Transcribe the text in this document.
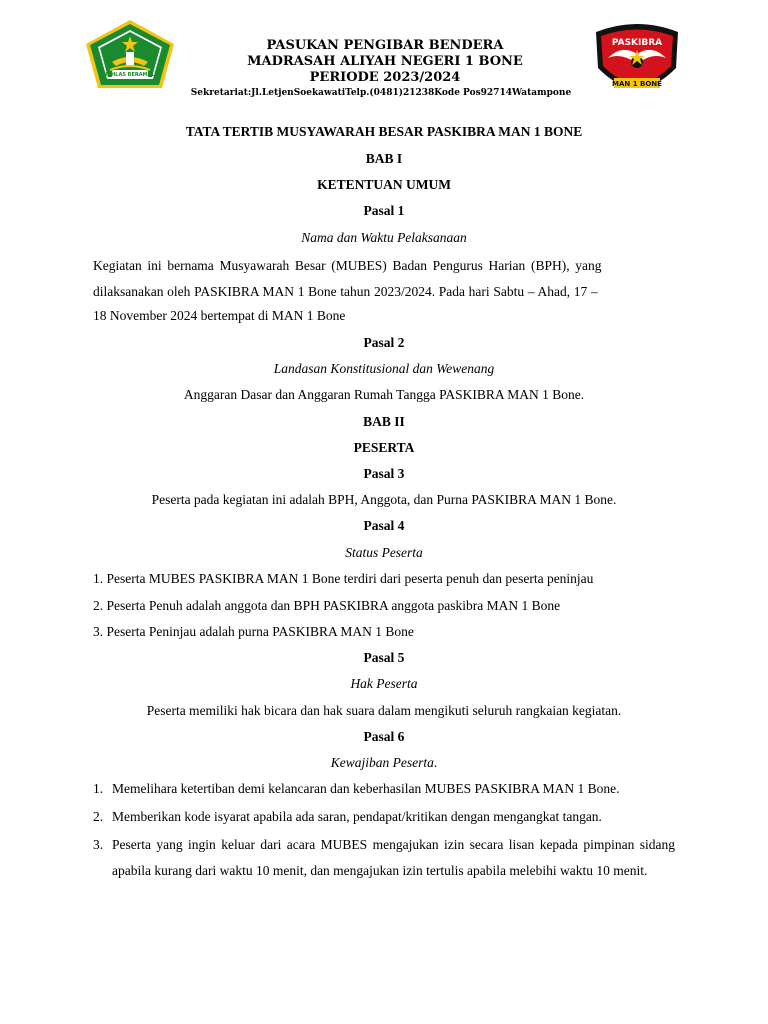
IKHLAS BERAMAL
PASUKAN PENGIBAR BENDERA
MADRASAH ALIYAH NEGERI 1 BONE
PERIODE 2023/2024
Sekretariat:Jl.LetjenSoekawatiTelp.(0481)21238Kode Pos92714Watampone
PASKIBRA
MAN 1 BONE
TATA TERTIB MUSYAWARAH BESAR PASKIBRA MAN 1 BONE
BAB I
KETENTUAN UMUM
Pasal 1
Nama dan Waktu Pelaksanaan
Kegiatan ini bernama Musyawarah Besar (MUBES) Badan Pengurus Harian (BPH), yang
dilaksanakan oleh PASKIBRA MAN 1 Bone tahun 2023/2024. Pada hari Sabtu – Ahad, 17 –
18 November 2024 bertempat di MAN 1 Bone
Pasal 2
Landasan Konstitusional dan Wewenang
Anggaran Dasar dan Anggaran Rumah Tangga PASKIBRA MAN 1 Bone.
BAB II
PESERTA
Pasal 3
Peserta pada kegiatan ini adalah BPH, Anggota, dan Purna PASKIBRA MAN 1 Bone.
Pasal 4
Status Peserta
1. Peserta MUBES PASKIBRA MAN 1 Bone terdiri dari peserta penuh dan peserta peninjau
2. Peserta Penuh adalah anggota dan BPH PASKIBRA anggota paskibra MAN 1 Bone
3. Peserta Peninjau adalah purna PASKIBRA MAN 1 Bone
Pasal 5
Hak Peserta
Peserta memiliki hak bicara dan hak suara dalam mengikuti seluruh rangkaian kegiatan.
Pasal 6
Kewajiban Peserta.
1. Memelihara ketertiban demi kelancaran dan keberhasilan MUBES PASKIBRA MAN 1 Bone.
2. Memberikan kode isyarat apabila ada saran, pendapat/kritikan dengan mengangkat tangan.
3. Peserta yang ingin keluar dari acara MUBES mengajukan izin secara lisan kepada pimpinan sidang apabila kurang dari waktu 10 menit, dan mengajukan izin tertulis apabila melebihi waktu 10 menit.
